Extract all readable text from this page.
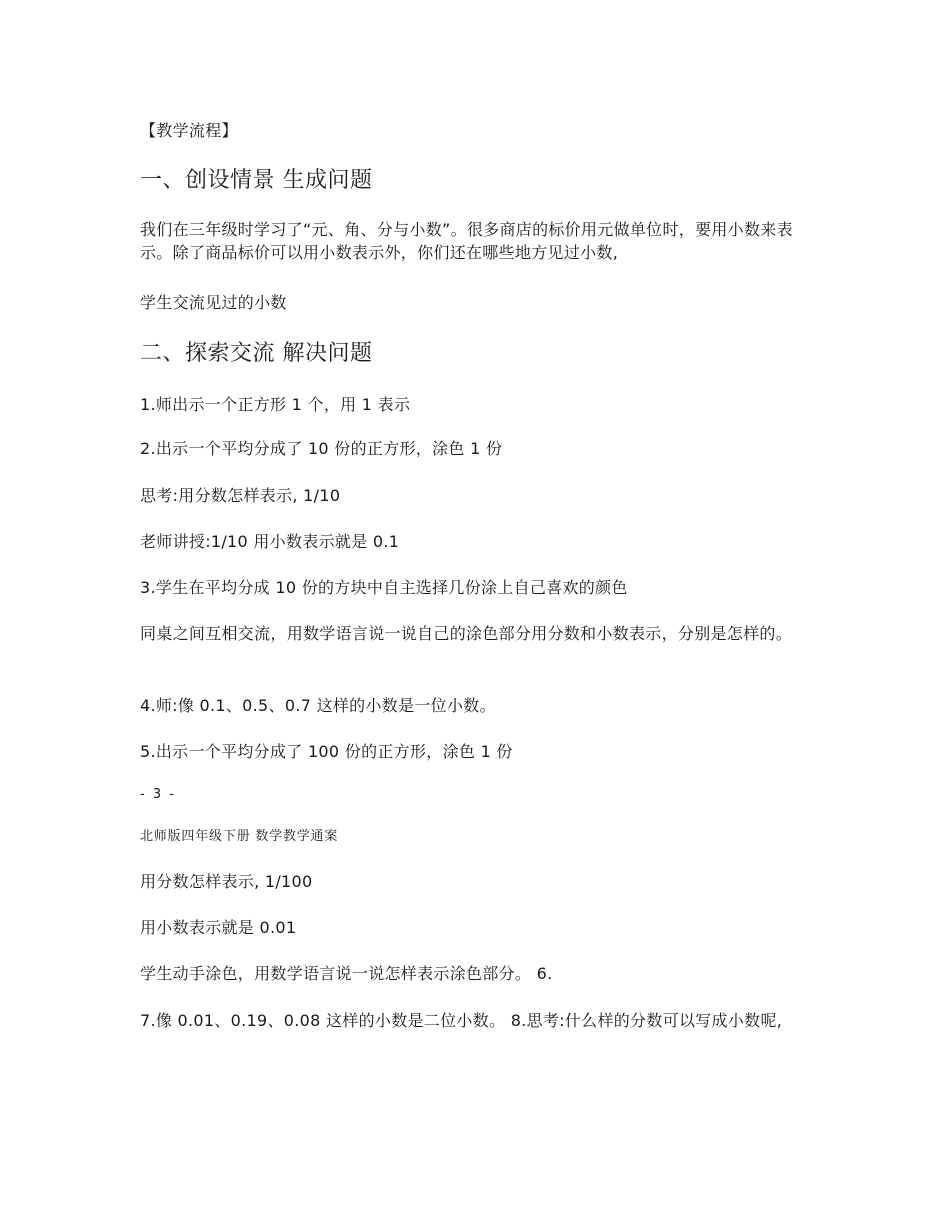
【教学流程】

一、创设情景 生成问题

我们在三年级时学习了“元、角、分与小数”。很多商店的标价用元做单位时，要用小数来表示。除了商品标价可以用小数表示外，你们还在哪些地方见过小数,

学生交流见过的小数

二、探索交流 解决问题

1.师出示一个正方形 1 个，用 1 表示

2.出示一个平均分成了 10 份的正方形，涂色 1 份

思考:用分数怎样表示, 1/10

老师讲授:1/10 用小数表示就是 0.1

3.学生在平均分成 10 份的方块中自主选择几份涂上自己喜欢的颜色

同桌之间互相交流，用数学语言说一说自己的涂色部分用分数和小数表示，分别是怎样的。

4.师:像 0.1、0.5、0.7 这样的小数是一位小数。

5.出示一个平均分成了 100 份的正方形，涂色 1 份

- 3 -

北师版四年级下册 数学教学通案

用分数怎样表示, 1/100

用小数表示就是 0.01

学生动手涂色，用数学语言说一说怎样表示涂色部分。 6.

7.像 0.01、0.19、0.08 这样的小数是二位小数。 8.思考:什么样的分数可以写成小数呢,
